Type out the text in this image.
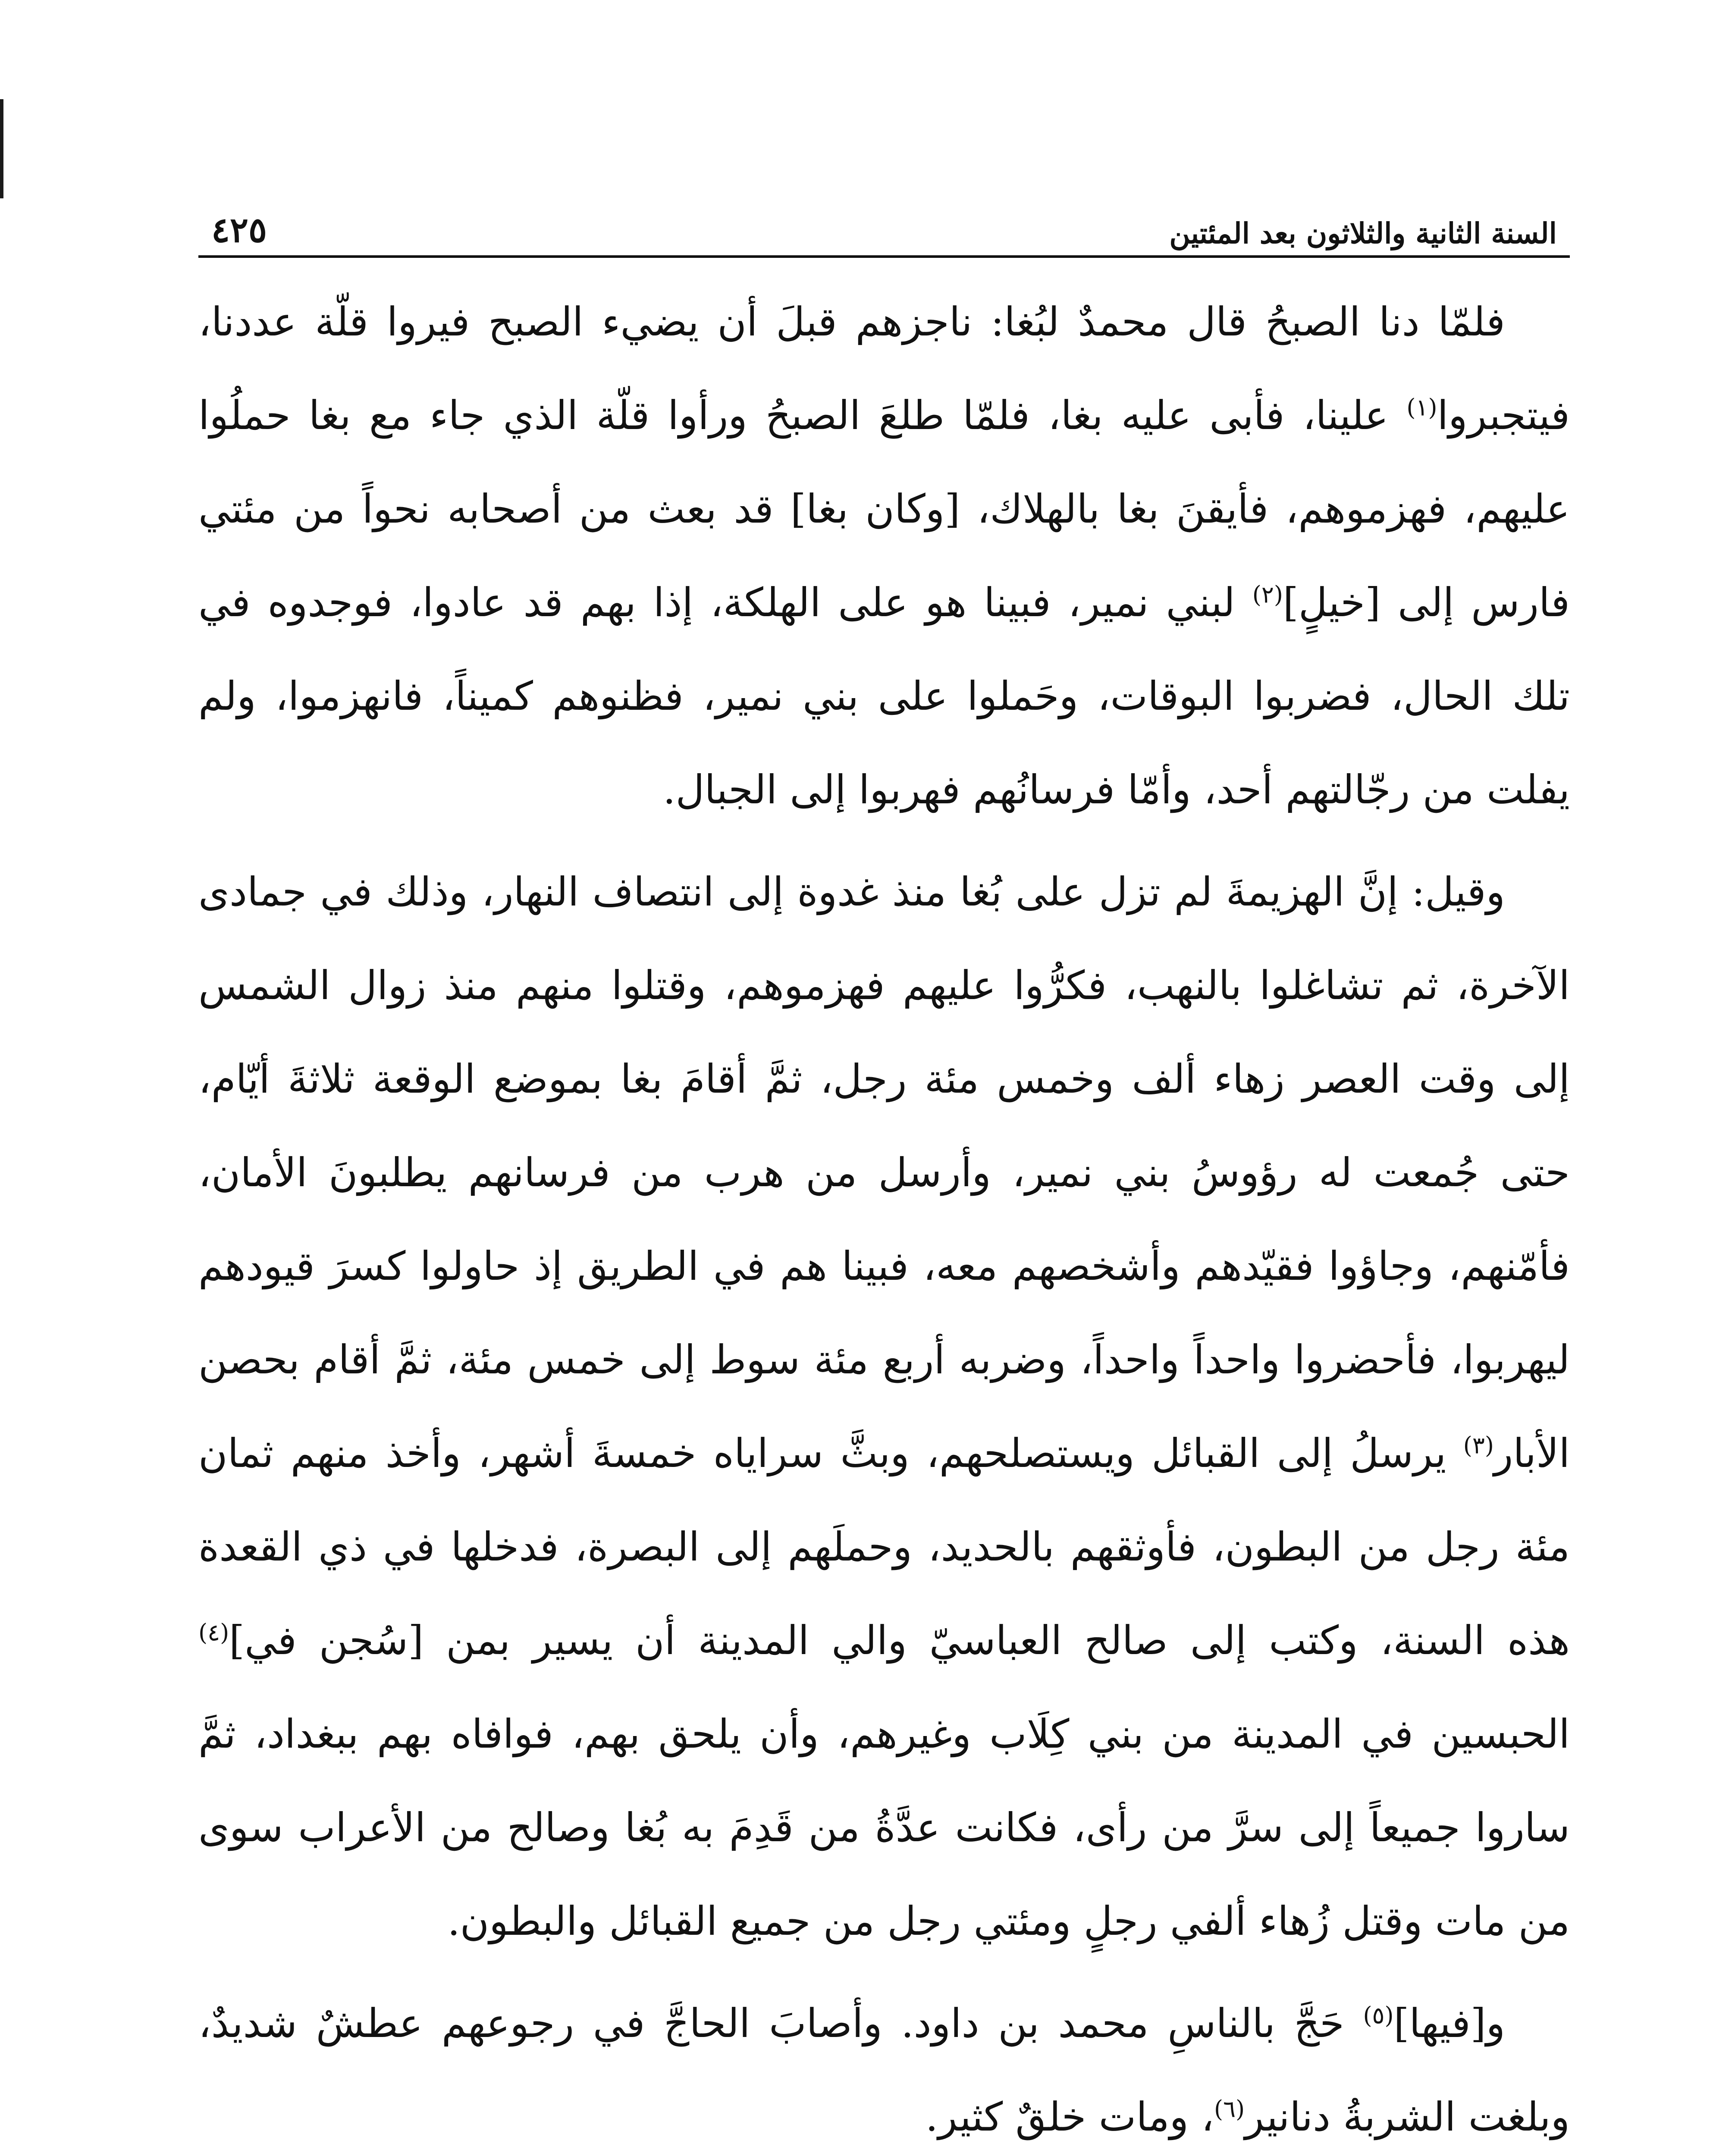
السنة الثانية والثلاثون بعد المئتين
٤٢٥

فلمّا دنا الصبحُ قال محمدٌ لبُغا: ناجزهم قبلَ أن يضيء الصبح فيروا قلّة عددنا، فيتجبروا$^{(١)}$ علينا، فأبى عليه بغا، فلمّا طلعَ الصبحُ ورأوا قلّة الذي جاء مع بغا حملُوا عليهم، فهزموهم، فأيقنَ بغا بالهلاك، [وكان بغا] قد بعث من أصحابه نحواً من مئتي فارس إلى [خيلٍ]$^{(٢)}$ لبني نمير، فبينا هو على الهلكة، إذا بهم قد عادوا، فوجدوه في تلك الحال، فضربوا البوقات، وحَملوا على بني نمير، فظنوهم كميناً، فانهزموا، ولم يفلت من رجّالتهم أحد، وأمّا فرسانُهم فهربوا إلى الجبال.

وقيل: إنَّ الهزيمةَ لم تزل على بُغا منذ غدوة إلى انتصاف النهار، وذلك في جمادى الآخرة، ثم تشاغلوا بالنهب، فكرُّوا عليهم فهزموهم، وقتلوا منهم منذ زوال الشمس إلى وقت العصر زهاء ألف وخمس مئة رجل، ثمَّ أقامَ بغا بموضع الوقعة ثلاثةَ أيّام، حتى جُمعت له رؤوسُ بني نمير، وأرسل من هرب من فرسانهم يطلبونَ الأمان، فأمّنهم، وجاؤوا فقيّدهم وأشخصهم معه، فبينا هم في الطريق إذ حاولوا كسرَ قيودهم ليهربوا، فأحضروا واحداً واحداً، وضربه أربع مئة سوط إلى خمس مئة، ثمَّ أقام بحصن الأبار$^{(٣)}$ يرسلُ إلى القبائل ويستصلحهم، وبثَّ سراياه خمسةَ أشهر، وأخذ منهم ثمان مئة رجل من البطون، فأوثقهم بالحديد، وحملَهم إلى البصرة، فدخلها في ذي القعدة هذه السنة، وكتب إلى صالح العباسيّ والي المدينة أن يسير بمن [سُجن في]$^{(٤)}$ الحبسين في المدينة من بني كِلَاب وغيرهم، وأن يلحق بهم، فوافاه بهم ببغداد، ثمَّ ساروا جميعاً إلى سرَّ من رأى، فكانت عدَّةُ من قَدِمَ به بُغا وصالح من الأعراب سوى من مات وقتل زُهاء ألفي رجلٍ ومئتي رجل من جميع القبائل والبطون.

و[فيها]$^{(٥)}$ حَجَّ بالناسِ محمد بن داود. وأصابَ الحاجَّ في رجوعهم عطشٌ شديدٌ، وبلغت الشربةُ دنانير$^{(٦)}$، ومات خلقٌ كثير.
